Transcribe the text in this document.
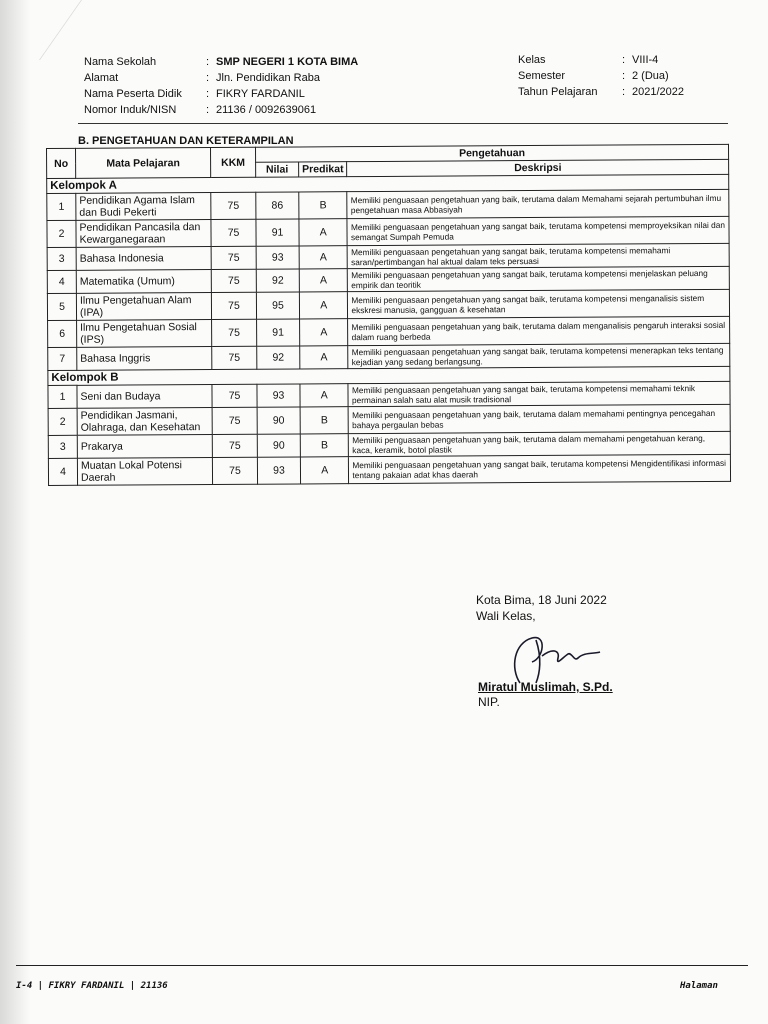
Nama Sekolah	: SMP NEGERI 1 KOTA BIMA
Alamat	: Jln. Pendidikan Raba
Nama Peserta Didik	: FIKRY FARDANIL
Nomor Induk/NISN	: 21136 / 0092639061
Kelas	: VIII-4
Semester	: 2 (Dua)
Tahun Pelajaran	: 2021/2022
B. PENGETAHUAN DAN KETERAMPILAN
No	Mata Pelajaran	KKM	Pengetahuan		
			Nilai	Predikat	Deskripsi
Kelompok A					
1	Pendidikan Agama Islam dan Budi Pekerti	75	86	B	Memiliki penguasaan pengetahuan yang baik, terutama dalam Memahami sejarah pertumbuhan ilmu pengetahuan masa Abbasiyah
2	Pendidikan Pancasila dan Kewarganegaraan	75	91	A	Memiliki penguasaan pengetahuan yang sangat baik, terutama kompetensi memproyeksikan nilai dan semangat Sumpah Pemuda
3	Bahasa Indonesia	75	93	A	Memiliki penguasaan pengetahuan yang sangat baik, terutama kompetensi memahami saran/pertimbangan hal aktual dalam teks persuasi
4	Matematika (Umum)	75	92	A	Memiliki penguasaan pengetahuan yang sangat baik, terutama kompetensi menjelaskan peluang empirik dan teoritik
5	Ilmu Pengetahuan Alam (IPA)	75	95	A	Memiliki penguasaan pengetahuan yang sangat baik, terutama kompetensi menganalisis sistem ekskresi manusia, gangguan & kesehatan
6	Ilmu Pengetahuan Sosial (IPS)	75	91	A	Memiliki penguasaan pengetahuan yang baik, terutama dalam menganalisis pengaruh interaksi sosial dalam ruang berbeda
7	Bahasa Inggris	75	92	A	Memiliki penguasaan pengetahuan yang sangat baik, terutama kompetensi menerapkan teks tentang kejadian yang sedang berlangsung.
Kelompok B					
1	Seni dan Budaya	75	93	A	Memiliki penguasaan pengetahuan yang sangat baik, terutama kompetensi memahami teknik permainan salah satu alat musik tradisional
2	Pendidikan Jasmani, Olahraga, dan Kesehatan	75	90	B	Memiliki penguasaan pengetahuan yang baik, terutama dalam memahami pentingnya pencegahan bahaya pergaulan bebas
3	Prakarya	75	90	B	Memiliki penguasaan pengetahuan yang baik, terutama dalam memahami pengetahuan kerang, kaca, keramik, botol plastik
4	Muatan Lokal Potensi Daerah	75	93	A	Memiliki penguasaan pengetahuan yang sangat baik, terutama kompetensi Mengidentifikasi informasi tentang pakaian adat khas daerah
Kota Bima, 18 Juni 2022
Wali Kelas,
Miratul Muslimah, S.Pd.
NIP.
I-4 | FIKRY FARDANIL | 21136	Halaman
